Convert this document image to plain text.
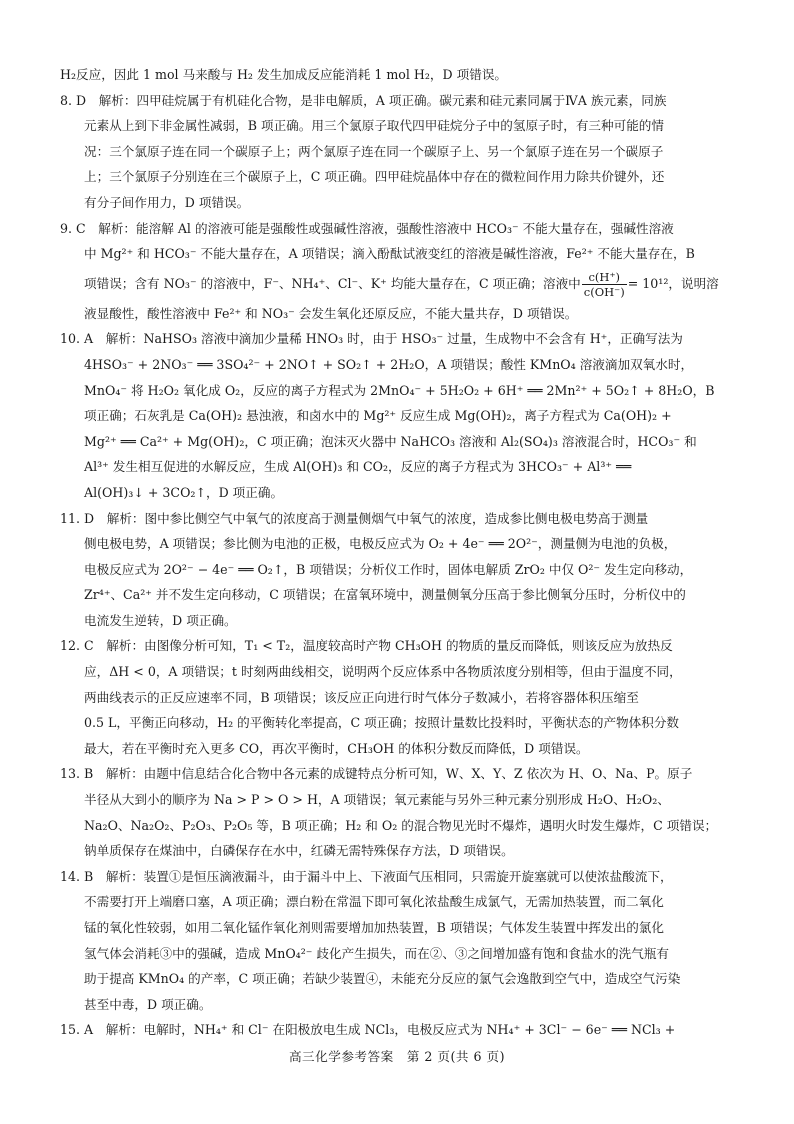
H₂反应，因此 1 mol 马来酸与 H₂ 发生加成反应能消耗 1 mol H₂，D 项错误。
8. D　解析：四甲硅烷属于有机硅化合物，是非电解质，A 项正确。碳元素和硅元素同属于ⅣA 族元素，同族
元素从上到下非金属性减弱，B 项正确。用三个氯原子取代四甲硅烷分子中的氢原子时，有三种可能的情
况：三个氯原子连在同一个碳原子上；两个氯原子连在同一个碳原子上、另一个氯原子连在另一个碳原子
上；三个氯原子分别连在三个碳原子上，C 项正确。四甲硅烷晶体中存在的微粒间作用力除共价键外，还
有分子间作用力，D 项错误。
9. C　解析：能溶解 Al 的溶液可能是强酸性或强碱性溶液，强酸性溶液中 HCO₃⁻ 不能大量存在，强碱性溶液
中 Mg²⁺ 和 HCO₃⁻ 不能大量存在，A 项错误；滴入酚酞试液变红的溶液是碱性溶液，Fe²⁺ 不能大量存在，B
项错误；含有 NO₃⁻ 的溶液中，F⁻、NH₄⁺、Cl⁻、K⁺ 均能大量存在，C 项正确；溶液中 $\frac{c(H^+)}{c(OH^-)} = 10^{12}$，说明溶
液显酸性，酸性溶液中 Fe²⁺ 和 NO₃⁻ 会发生氧化还原反应，不能大量共存，D 项错误。
10. A　解析：NaHSO₃ 溶液中滴加少量稀 HNO₃ 时，由于 HSO₃⁻ 过量，生成物中不会含有 H⁺，正确写法为
4HSO₃⁻ + 2NO₃⁻ ══ 3SO₄²⁻ + 2NO↑ + SO₂↑ + 2H₂O，A 项错误；酸性 KMnO₄ 溶液滴加双氧水时，
MnO₄⁻ 将 H₂O₂ 氧化成 O₂，反应的离子方程式为 2MnO₄⁻ + 5H₂O₂ + 6H⁺ ══ 2Mn²⁺ + 5O₂↑ + 8H₂O，B
项正确；石灰乳是 Ca(OH)₂ 悬浊液，和卤水中的 Mg²⁺ 反应生成 Mg(OH)₂，离子方程式为 Ca(OH)₂ +
Mg²⁺ ══ Ca²⁺ + Mg(OH)₂，C 项正确；泡沫灭火器中 NaHCO₃ 溶液和 Al₂(SO₄)₃ 溶液混合时，HCO₃⁻ 和
Al³⁺ 发生相互促进的水解反应，生成 Al(OH)₃ 和 CO₂，反应的离子方程式为 3HCO₃⁻ + Al³⁺ ══
Al(OH)₃↓ + 3CO₂↑，D 项正确。
11. D　解析：图中参比侧空气中氧气的浓度高于测量侧烟气中氧气的浓度，造成参比侧电极电势高于测量
侧电极电势，A 项错误；参比侧为电池的正极，电极反应式为 O₂ + 4e⁻ ══ 2O²⁻，测量侧为电池的负极，
电极反应式为 2O²⁻ − 4e⁻ ══ O₂↑，B 项错误；分析仪工作时，固体电解质 ZrO₂ 中仅 O²⁻ 发生定向移动，
Zr⁴⁺、Ca²⁺ 并不发生定向移动，C 项错误；在富氧环境中，测量侧氧分压高于参比侧氧分压时，分析仪中的
电流发生逆转，D 项正确。
12. C　解析：由图像分析可知，T₁ < T₂，温度较高时产物 CH₃OH 的物质的量反而降低，则该反应为放热反
应，ΔH < 0，A 项错误；t 时刻两曲线相交，说明两个反应体系中各物质浓度分别相等，但由于温度不同，
两曲线表示的正反应速率不同，B 项错误；该反应正向进行时气体分子数减小，若将容器体积压缩至
0.5 L，平衡正向移动，H₂ 的平衡转化率提高，C 项正确；按照计量数比投料时，平衡状态的产物体积分数
最大，若在平衡时充入更多 CO，再次平衡时，CH₃OH 的体积分数反而降低，D 项错误。
13. B　解析：由题中信息结合化合物中各元素的成键特点分析可知，W、X、Y、Z 依次为 H、O、Na、P。原子
半径从大到小的顺序为 Na > P > O > H，A 项错误；氧元素能与另外三种元素分别形成 H₂O、H₂O₂、
Na₂O、Na₂O₂、P₂O₃、P₂O₅ 等，B 项正确；H₂ 和 O₂ 的混合物见光时不爆炸，遇明火时发生爆炸，C 项错误；
钠单质保存在煤油中，白磷保存在水中，红磷无需特殊保存方法，D 项错误。
14. B　解析：装置①是恒压滴液漏斗，由于漏斗中上、下液面气压相同，只需旋开旋塞就可以使浓盐酸流下，
不需要打开上端磨口塞，A 项正确；漂白粉在常温下即可氧化浓盐酸生成氯气，无需加热装置，而二氧化
锰的氧化性较弱，如用二氧化锰作氧化剂则需要增加加热装置，B 项错误；气体发生装置中挥发出的氯化
氢气体会消耗③中的强碱，造成 MnO₄²⁻ 歧化产生损失，而在②、③之间增加盛有饱和食盐水的洗气瓶有
助于提高 KMnO₄ 的产率，C 项正确；若缺少装置④，未能充分反应的氯气会逸散到空气中，造成空气污染
甚至中毒，D 项正确。
15. A　解析：电解时，NH₄⁺ 和 Cl⁻ 在阳极放电生成 NCl₃，电极反应式为 NH₄⁺ + 3Cl⁻ − 6e⁻ ══ NCl₃ +
高三化学参考答案　第 2 页(共 6 页)
